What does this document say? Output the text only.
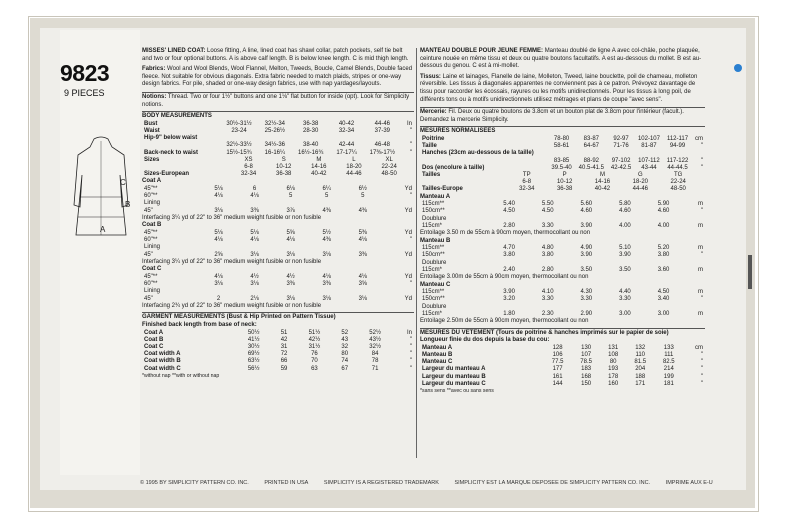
9823
9 PIECES
C
B
A

MISSES' LINED COAT: Loose fitting, A line, lined coat has shawl collar, patch pockets, self tie belt and two or four optional buttons. A is above calf length. B is below knee length. C is mid thigh length.

Fabrics: Wool and Wool Blends, Wool Flannel, Melton, Tweeds, Boucle, Camel Blends, Double faced fleece. Not suitable for obvious diagonals. Extra fabric needed to match plaids, stripes or one-way design fabrics. For pile, shaded or one-way design fabrics, use with nap yardages/layouts.

Notions: Thread. Two or four 1½" buttons and one 1⅛" flat button for inside (opt). Look for Simplicity notions.
BODY MEASUREMENTS
Bust	30½-31½	32½-34	36-38	40-42	44-46	In
Waist	23-24	25-26½	28-30	32-34	37-39	"
Hip-9" below waist						
	32½-33½	34½-36	38-40	42-44	46-48	"
Back-neck to waist	15½-15¾	16-16¼	16½-16¾	17-17¼	17⅜-17½	"
Sizes	XS	S	M	L	XL	
	6-8	10-12	14-16	18-20	22-24	
Sizes-European	32-34	36-38	40-42	44-46	48-50	
Coat A
45"**	5⅛	6	6⅛	6¼	6½	Yd
60"**	4⅛	4⅛	5	5	5	"
Lining						
45"	3⅛	3⅜	3⅞	4⅜	4⅜	Yd
Interfacing 3¼ yd of 22" to 36" medium weight fusible or non fusible
Coat B
45"**	5⅛	5⅛	5⅝	5½	5⅜	Yd
60"**	4⅛	4⅛	4⅛	4⅜	4⅛	"
Lining						
45"	2⅝	3⅛	3⅛	3⅛	3⅜	Yd
Interfacing 3¼ yd of 22" to 36" medium weight fusible or non fusible
Coat C
45"**	4⅛	4½	4½	4⅛	4⅛	Yd
60"**	3⅛	3⅛	3⅜	3⅜	3⅝	"
Lining						
45"	2	2⅛	3⅛	3⅛	3⅛	Yd
Interfacing 2¾ yd of 22" to 36" medium weight fusible or non fusible
GARMENT MEASUREMENTS (Bust & Hip Printed on Pattern Tissue)
Finished back length from base of neck:
Coat A	50½	51	51½	52	52½	In
Coat B	41½	42	42½	43	43½	"
Coat C	30½	31	31½	32	32½	"
Coat width A	69½	72	76	80	84	"
Coat width B	63½	66	70	74	78	"
Coat width C	56½	59	63	67	71	"
*without nap **with or without nap

MANTEAU DOUBLE POUR JEUNE FEMME: Manteau doublé de ligne A avec col-châle, poche plaquée, ceinture nouée en même tissu et deux ou quatre boutons facultatifs. A est au-dessous du mollet. B est au-dessous du genou. C est à mi-mollet.

Tissus: Laine et lainages, Flanelle de laine, Molleton, Tweed, laine bouclette, poil de chameau, molleton réversible. Les tissus à diagonales apparentes ne conviennent pas à ce patron. Prévoyez davantage de tissu pour raccorder les écossais, rayures ou les motifs unidirectionnels. Pour les tissus à long poil, de différents tons ou à motifs unidirectionnels utilisez métrages et plans de coupe "avec sens".

Mercerie: Fil. Deux ou quatre boutons de 3.8cm et un bouton plat de 3.8cm pour l'intérieur (facult.). Demandez la mercerie Simplicity.
MESURES NORMALISEES
Poitrine	78-80	83-87	92-97	102-107	112-117	cm
Taille	58-61	64-67	71-76	81-87	94-99	"
Hanches (23cm au-dessous de la taille)						
	83-85	88-92	97-102	107-112	117-122	"
Dos (encolure à taille)	39.5-40	40.5-41.5	42-42.5	43-44	44-44.5	"
Tailles	TP	P	M	G	TG	
	6-8	10-12	14-16	18-20	22-24	
Tailles-Europe	32-34	36-38	40-42	44-46	48-50	
Manteau A
115cm**	5.40	5.50	5.60	5.80	5.90	m
150cm**	4.50	4.50	4.60	4.60	4.60	"
Doublure						
115cm*	2.80	3.30	3.90	4.00	4.00	m
Entoilage 3.50 m de 55cm à 90cm moyen, thermocollant ou non
Manteau B
115cm**	4.70	4.80	4.90	5.10	5.20	m
150cm**	3.80	3.80	3.90	3.90	3.80	"
Doublure						
115cm*	2.40	2.80	3.50	3.50	3.60	m
Entoilage 3.00m de 55cm à 90cm moyen, thermocollant ou non
Manteau C
115cm**	3.90	4.10	4.30	4.40	4.50	m
150cm**	3.20	3.30	3.30	3.30	3.40	"
Doublure						
115cm*	1.80	2.30	2.90	3.00	3.00	m
Entoilage 2.50m de 55cm à 90cm moyen, thermocollant ou non
MESURES DU VETEMENT (Tours de poitrine & hanches imprimés sur le papier de soie)
Longueur finie du dos depuis la base du cou:
Manteau A	128	130	131	132	133	cm
Manteau B	106	107	108	110	111	"
Manteau C	77.5	78.5	80	81.5	82.5	"
Largeur du manteau A	177	183	193	204	214	"
Largeur du manteau B	161	168	178	188	199	"
Largeur du manteau C	144	150	160	171	181	"
*sans sens **avec ou sans sens
© 1995 BY SIMPLICITY PATTERN CO. INC.	PRINTED IN USA	SIMPLICITY IS A REGISTERED TRADEMARK	SIMPLICITY EST LA MARQUE DEPOSEE DE SIMPLICITY PATTERN CO. INC.	IMPRIME AUX E-U
